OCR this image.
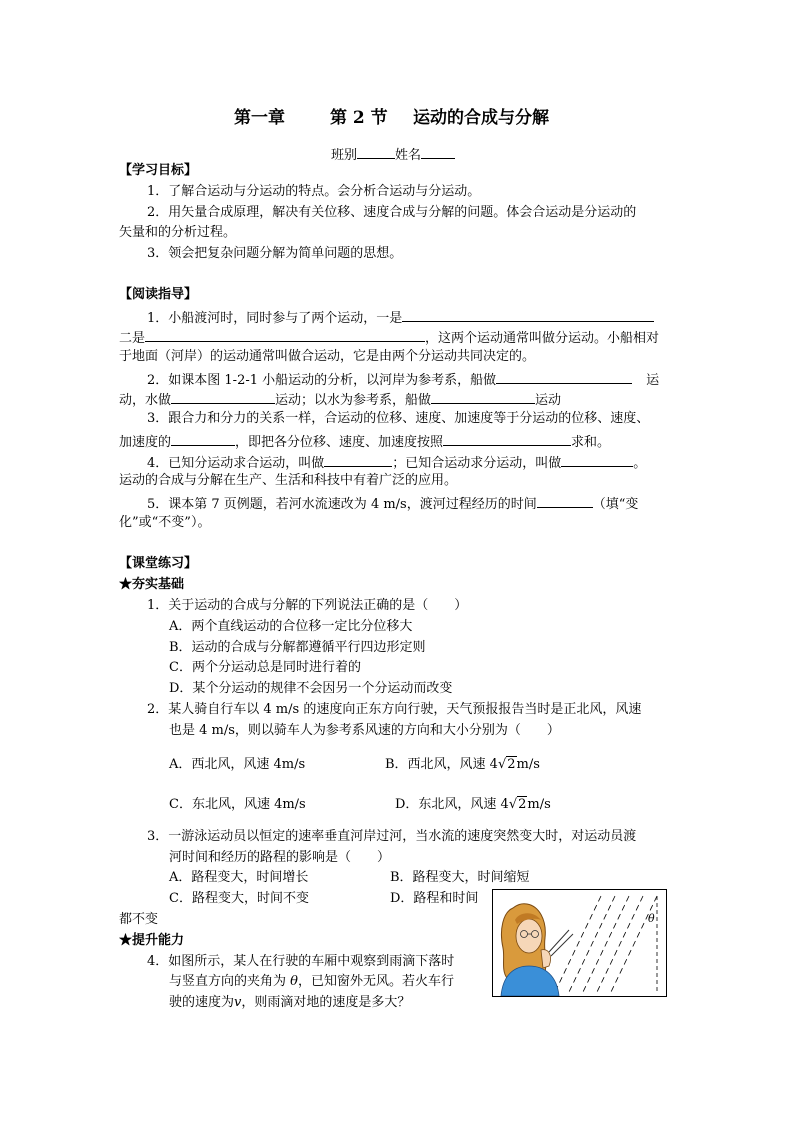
第一章	第 2 节 运动的合成与分解
班别	姓名
【学习目标】
1．了解合运动与分运动的特点。会分析合运动与分运动。
2．用矢量合成原理，解决有关位移、速度合成与分解的问题。体会合运动是分运动的
矢量和的分析过程。
3．领会把复杂问题分解为简单问题的思想。
【阅读指导】
1．小船渡河时，同时参与了两个运动，一是
二是	，这两个运动通常叫做分运动。小船相对
于地面（河岸）的运动通常叫做合运动，它是由两个分运动共同决定的。
2．如课本图 1-2-1 小船运动的分析，以河岸为参考系，船做	运
动，水做	运动；以水为参考系，船做	运动
3．跟合力和分力的关系一样，合运动的位移、速度、加速度等于分运动的位移、速度、
加速度的	，即把各分位移、速度、加速度按照	求和。
4．已知分运动求合运动，叫做	；已知合运动求分运动，叫做	。
运动的合成与分解在生产、生活和科技中有着广泛的应用。
5．课本第 7 页例题，若河水流速改为 4 m/s，渡河过程经历的时间	（填“变
化”或“不变”）。
【课堂练习】
★夯实基础
1．关于运动的合成与分解的下列说法正确的是（　　）
A．两个直线运动的合位移一定比分位移大
B．运动的合成与分解都遵循平行四边形定则
C．两个分运动总是同时进行着的
D．某个分运动的规律不会因另一个分运动而改变
2．某人骑自行车以 4 m/s 的速度向正东方向行驶，天气预报报告当时是正北风，风速
也是 4 m/s，则以骑车人为参考系风速的方向和大小分别为（　　）
A．西北风，风速 4m/s	B．西北风，风速 4√2m/s
C．东北风，风速 4m/s	D．东北风，风速 4√2m/s
3．一游泳运动员以恒定的速率垂直河岸过河，当水流的速度突然变大时，对运动员渡
河时间和经历的路程的影响是（　　）
A．路程变大，时间增长	B．路程变大，时间缩短
C．路程变大，时间不变	D．路程和时间
都不变
★提升能力
4．如图所示，某人在行驶的车厢中观察到雨滴下落时
与竖直方向的夹角为 θ，已知窗外无风。若火车行
驶的速度为v，则雨滴对地的速度是多大？
θ
